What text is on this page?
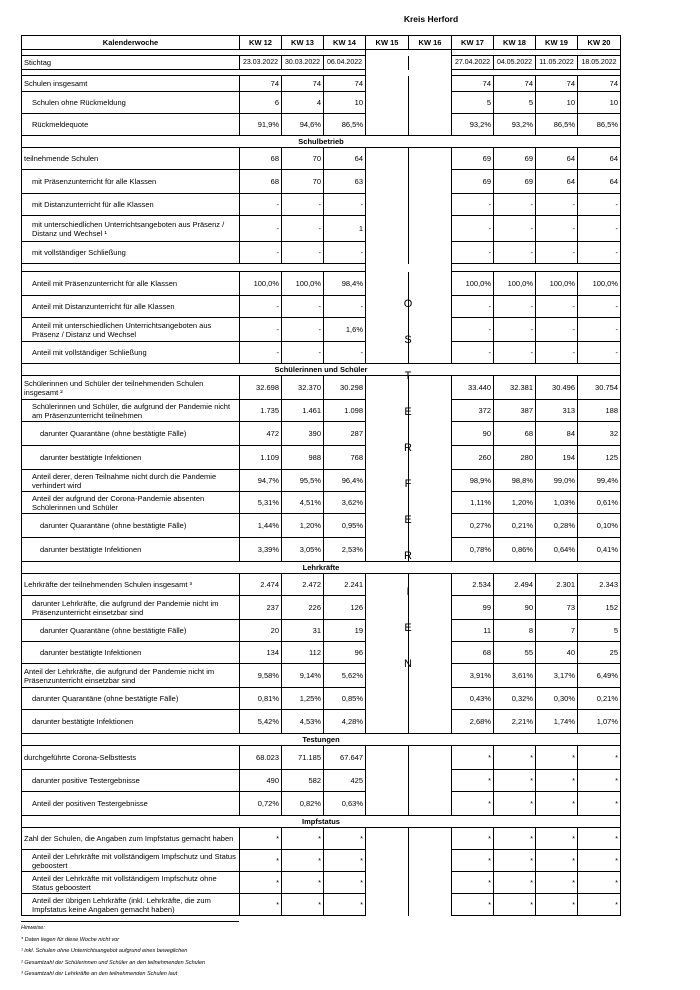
Kreis Herford
Kalenderwoche	KW 12	KW 13	KW 14	KW 15	KW 16	KW 17	KW 18	KW 19	KW 20

Stichtag	23.03.2022	30.03.2022	06.04.2022			27.04.2022	04.05.2022	11.05.2022	18.05.2022

Schulen insgesamt	74	74	74			74	74	74	74
Schulen ohne Rückmeldung	6	4	10			5	5	10	10
Rückmeldequote	91,9%	94,6%	86,5%			93,2%	93,2%	86,5%	86,5%
Schulbetrieb									
teilnehmende Schulen	68	70	64			69	69	64	64
mit Präsenzunterricht für alle Klassen	68	70	63			69	69	64	64
mit Distanzunterricht für alle Klassen	-	-	-			-	-	-	-
mit unterschiedlichen Unterrichtsangeboten aus Präsenz / Distanz und Wechsel ¹	-	-	1			-	-	-	-
mit vollständiger Schließung	-	-	-			-	-	-	-

Anteil mit Präsenzunterricht für alle Klassen	100,0%	100,0%	98,4%			100,0%	100,0%	100,0%	100,0%
Anteil mit Distanzunterricht für alle Klassen	-	-	-			-	-	-	-
Anteil mit unterschiedlichen Unterrichtsangeboten aus Präsenz / Distanz und Wechsel	-	-	1,6%			-	-	-	-
Anteil mit vollständiger Schließung	-	-	-			-	-	-	-
Schülerinnen und Schüler									
Schülerinnen und Schüler der teilnehmenden Schulen insgesamt ²	32.698	32.370	30.298			33.440	32.381	30.496	30.754
Schülerinnen und Schüler, die aufgrund der Pandemie nicht am Präsenzunterricht teilnehmen	1.735	1.461	1.098			372	387	313	188
darunter Quarantäne (ohne bestätigte Fälle)	472	390	287			90	68	84	32
darunter bestätigte Infektionen	1.109	988	768			260	280	194	125
Anteil derer, deren Teilnahme nicht durch die Pandemie verhindert wird	94,7%	95,5%	96,4%			98,9%	98,8%	99,0%	99,4%
Anteil der aufgrund der Corona-Pandemie absenten Schülerinnen und Schüler	5,31%	4,51%	3,62%			1,11%	1,20%	1,03%	0,61%
darunter Quarantäne (ohne bestätigte Fälle)	1,44%	1,20%	0,95%			0,27%	0,21%	0,28%	0,10%
darunter bestätigte Infektionen	3,39%	3,05%	2,53%			0,78%	0,86%	0,64%	0,41%
Lehrkräfte									
Lehrkräfte der teilnehmenden Schulen insgesamt ³	2.474	2.472	2.241			2.534	2.494	2.301	2.343
darunter Lehrkräfte, die aufgrund der Pandemie nicht im Präsenzunterricht einsetzbar sind	237	226	126			99	90	73	152
darunter Quarantäne (ohne bestätigte Fälle)	20	31	19			11	8	7	5
darunter bestätigte Infektionen	134	112	96			68	55	40	25
Anteil der Lehrkräfte, die aufgrund der Pandemie nicht im Präsenzunterricht einsetzbar sind	9,58%	9,14%	5,62%			3,91%	3,61%	3,17%	6,49%
darunter Quarantäne (ohne bestätigte Fälle)	0,81%	1,25%	0,85%			0,43%	0,32%	0,30%	0,21%
darunter bestätigte Infektionen	5,42%	4,53%	4,28%			2,68%	2,21%	1,74%	1,07%
Testungen									
durchgeführte Corona-Selbsttests	68.023	71.185	67.647			*	*	*	*
darunter positive Testergebnisse	490	582	425			*	*	*	*
Anteil der positiven Testergebnisse	0,72%	0,82%	0,63%			*	*	*	*
Impfstatus									
Zahl der Schulen, die Angaben zum Impfstatus gemacht haben	*	*	*			*	*	*	*
Anteil der Lehrkräfte mit vollständigem Impfschutz und Status geboostert	*	*	*			*	*	*	*
Anteil der Lehrkräfte mit vollständigem Impfschutz ohne Status geboostert	*	*	*			*	*	*	*
Anteil der übrigen Lehrkräfte (inkl. Lehrkräfte, die zum Impfstatus keine Angaben gemacht haben)	*	*	*			*	*	*	*
O
S
T
E
R
F
E
R
I
E
N
Hinweise:
* Daten liegen für diese Woche nicht vor
¹ inkl. Schulen ohne Unterrichtsangebot aufgrund eines beweglichen
² Gesamtzahl der Schülerinnen und Schüler an den teilnehmenden Schulen
³ Gesamtzahl der Lehrkräfte an den teilnehmenden Schulen laut
